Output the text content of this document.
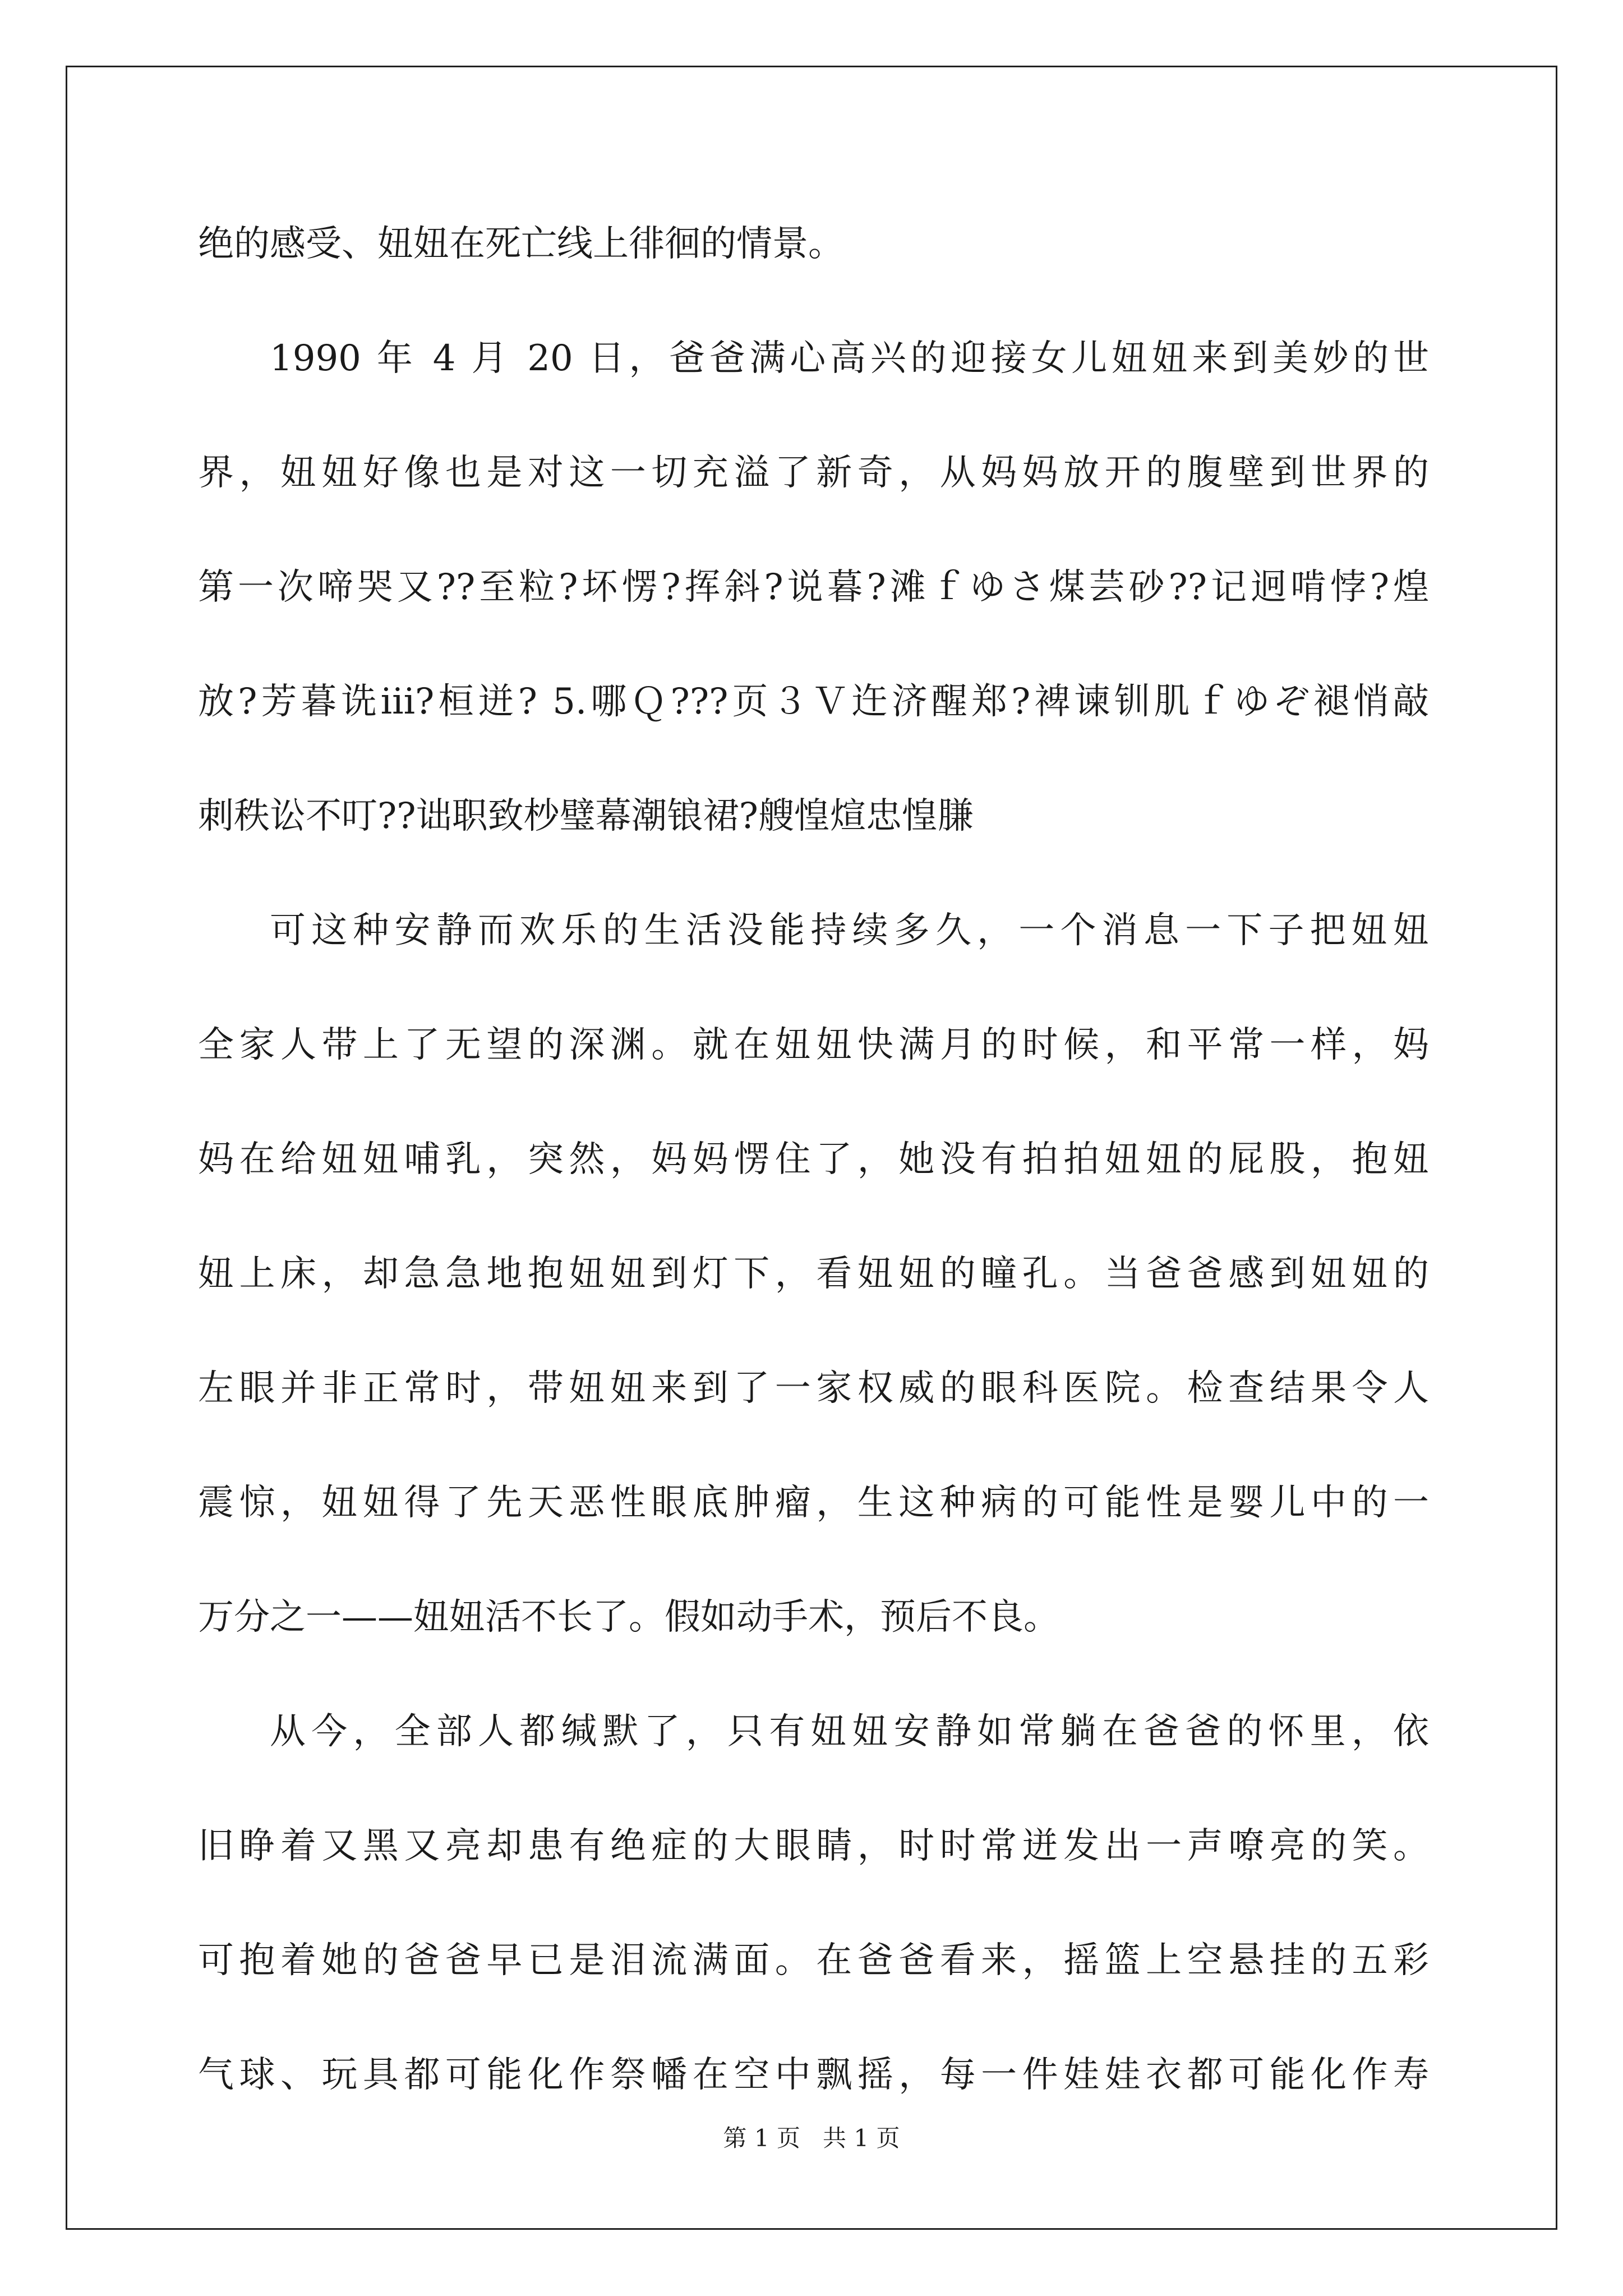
绝的感受、妞妞在死亡线上徘徊的情景。
1990 年 4 月 20 日，爸爸满心高兴的迎接女儿妞妞来到美妙的世
界，妞妞好像也是对这一切充溢了新奇，从妈妈放开的腹壁到世界的
第一次啼哭又??至粒?坏愣?挥斜?说暮?滩ｆゆさ煤芸砂??记迥啃悖?煌
放?芳暮诜iii?桓迸? 5.哪Ｑ???页３Ｖ迕济醒郑?裨谏钏肌ｆゆぞ褪悄敲
刺秩讼不叮??诎职致杪璧幕潮锒裙?艘惶煊忠惶膁
可这种安静而欢乐的生活没能持续多久，一个消息一下子把妞妞
全家人带上了无望的深渊。就在妞妞快满月的时候，和平常一样，妈
妈在给妞妞哺乳，突然，妈妈愣住了，她没有拍拍妞妞的屁股，抱妞
妞上床，却急急地抱妞妞到灯下，看妞妞的瞳孔。当爸爸感到妞妞的
左眼并非正常时，带妞妞来到了一家权威的眼科医院。检查结果令人
震惊，妞妞得了先天恶性眼底肿瘤，生这种病的可能性是婴儿中的一
万分之一——妞妞活不长了。假如动手术，预后不良。
从今，全部人都缄默了，只有妞妞安静如常躺在爸爸的怀里，依
旧睁着又黑又亮却患有绝症的大眼睛，时时常迸发出一声嘹亮的笑。
可抱着她的爸爸早已是泪流满面。在爸爸看来，摇篮上空悬挂的五彩
气球、玩具都可能化作祭幡在空中飘摇，每一件娃娃衣都可能化作寿
第 1 页   共 1 页
